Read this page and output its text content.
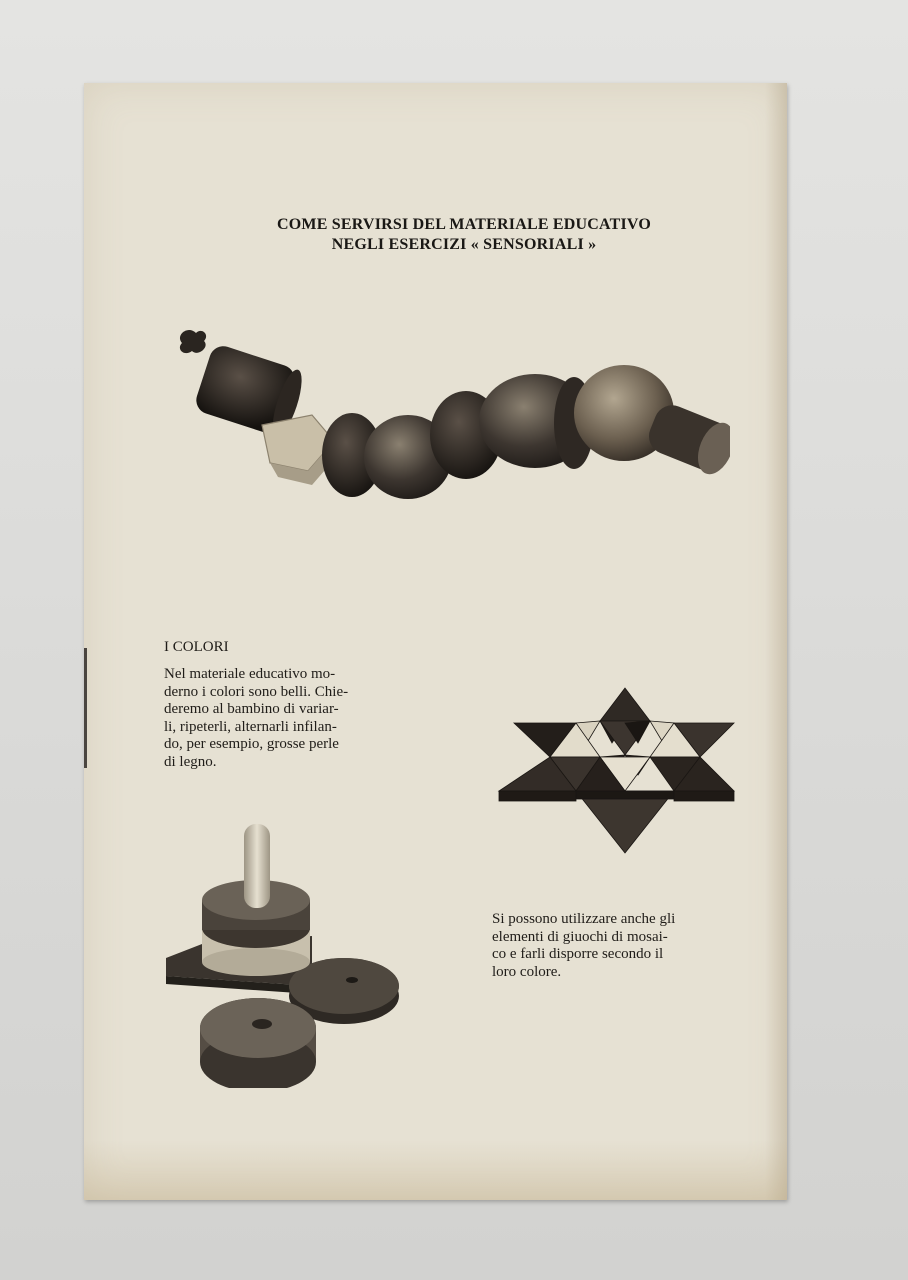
COME SERVIRSI DEL MATERIALE EDUCATIVO
NEGLI ESERCIZI « SENSORIALI »
I COLORI
Nel materiale educativo mo-
derno i colori sono belli. Chie-
deremo al bambino di variar-
li, ripeterli, alternarli infilan-
do, per esempio, grosse perle
di legno.
Si possono utilizzare anche gli
elementi di giuochi di mosai-
co e farli disporre secondo il
loro colore.
